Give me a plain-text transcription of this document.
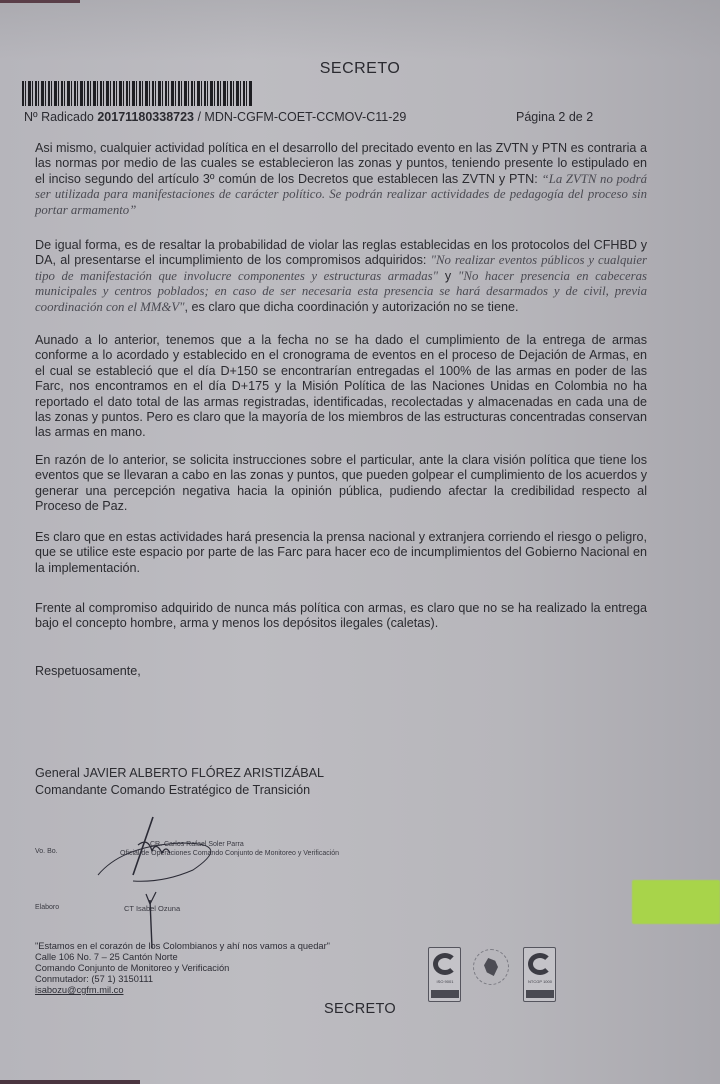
SECRETO
Nº Radicado 20171180338723 / MDN-CGFM-COET-CCMOV-C11-29	Página 2 de 2

Asi mismo, cualquier actividad política en el desarrollo del precitado evento en las ZVTN y PTN es contraria a las normas por medio de las cuales se establecieron las zonas y puntos, teniendo presente lo estipulado en el inciso segundo del artículo 3º común de los Decretos que establecen las ZVTN y PTN: “La ZVTN no podrá ser utilizada para manifestaciones de carácter político. Se podrán realizar actividades de pedagogía del proceso sin portar armamento”

De igual forma, es de resaltar la probabilidad de violar las reglas establecidas en los protocolos del CFHBD y DA, al presentarse el incumplimiento de los compromisos adquiridos: "No realizar eventos públicos y cualquier tipo de manifestación que involucre componentes y estructuras armadas" y "No hacer presencia en cabeceras municipales y centros poblados; en caso de ser necesaria esta presencia se hará desarmados y de civil, previa coordinación con el MM&V", es claro que dicha coordinación y autorización no se tiene.

Aunado a lo anterior, tenemos que a la fecha no se ha dado el cumplimiento de la entrega de armas conforme a lo acordado y establecido en el cronograma de eventos en el proceso de Dejación de Armas, en el cual se estableció que el día D+150 se encontrarían entregadas el 100% de las armas en poder de las Farc, nos encontramos en el día D+175 y la Misión Política de las Naciones Unidas en Colombia no ha reportado el dato total de las armas registradas, identificadas, recolectadas y almacenadas en cada una de las zonas y puntos. Pero es claro que la mayoría de los miembros de las estructuras concentradas conservan las armas en mano.

En razón de lo anterior, se solicita instrucciones sobre el particular, ante la clara visión política que tiene los eventos que se llevaran a cabo en las zonas y puntos, que pueden golpear el cumplimiento de los acuerdos y generar una percepción negativa hacia la opinión pública, pudiendo afectar la credibilidad respecto al Proceso de Paz.

Es claro que en estas actividades hará presencia la prensa nacional y extranjera corriendo el riesgo o peligro, que se utilice este espacio por parte de las Farc para hacer eco de incumplimientos del Gobierno Nacional en la implementación.

Frente al compromiso adquirido de nunca más política con armas, es claro que no se ha realizado la entrega bajo el concepto hombre, arma y menos los depósitos ilegales (caletas).

Respetuosamente,
General JAVIER ALBERTO FLÓREZ ARISTIZÁBAL
Comandante Comando Estratégico de Transición
Vo. Bo.
CR. Carlos Rafael Soler Parra
Oficial de Operaciones Comando Conjunto de Monitoreo y Verificación
Elaboro	CT Isabel Ozuna
"Estamos en el corazón de los Colombianos y ahí nos vamos a quedar"
Calle 106 No. 7 – 25 Cantón Norte
Comando Conjunto de Monitoreo y Verificación
Conmutador: (57 1) 3150111
isabozu@cgfm.mil.co
ISO 9001	NTCGP 1000
SECRETO
